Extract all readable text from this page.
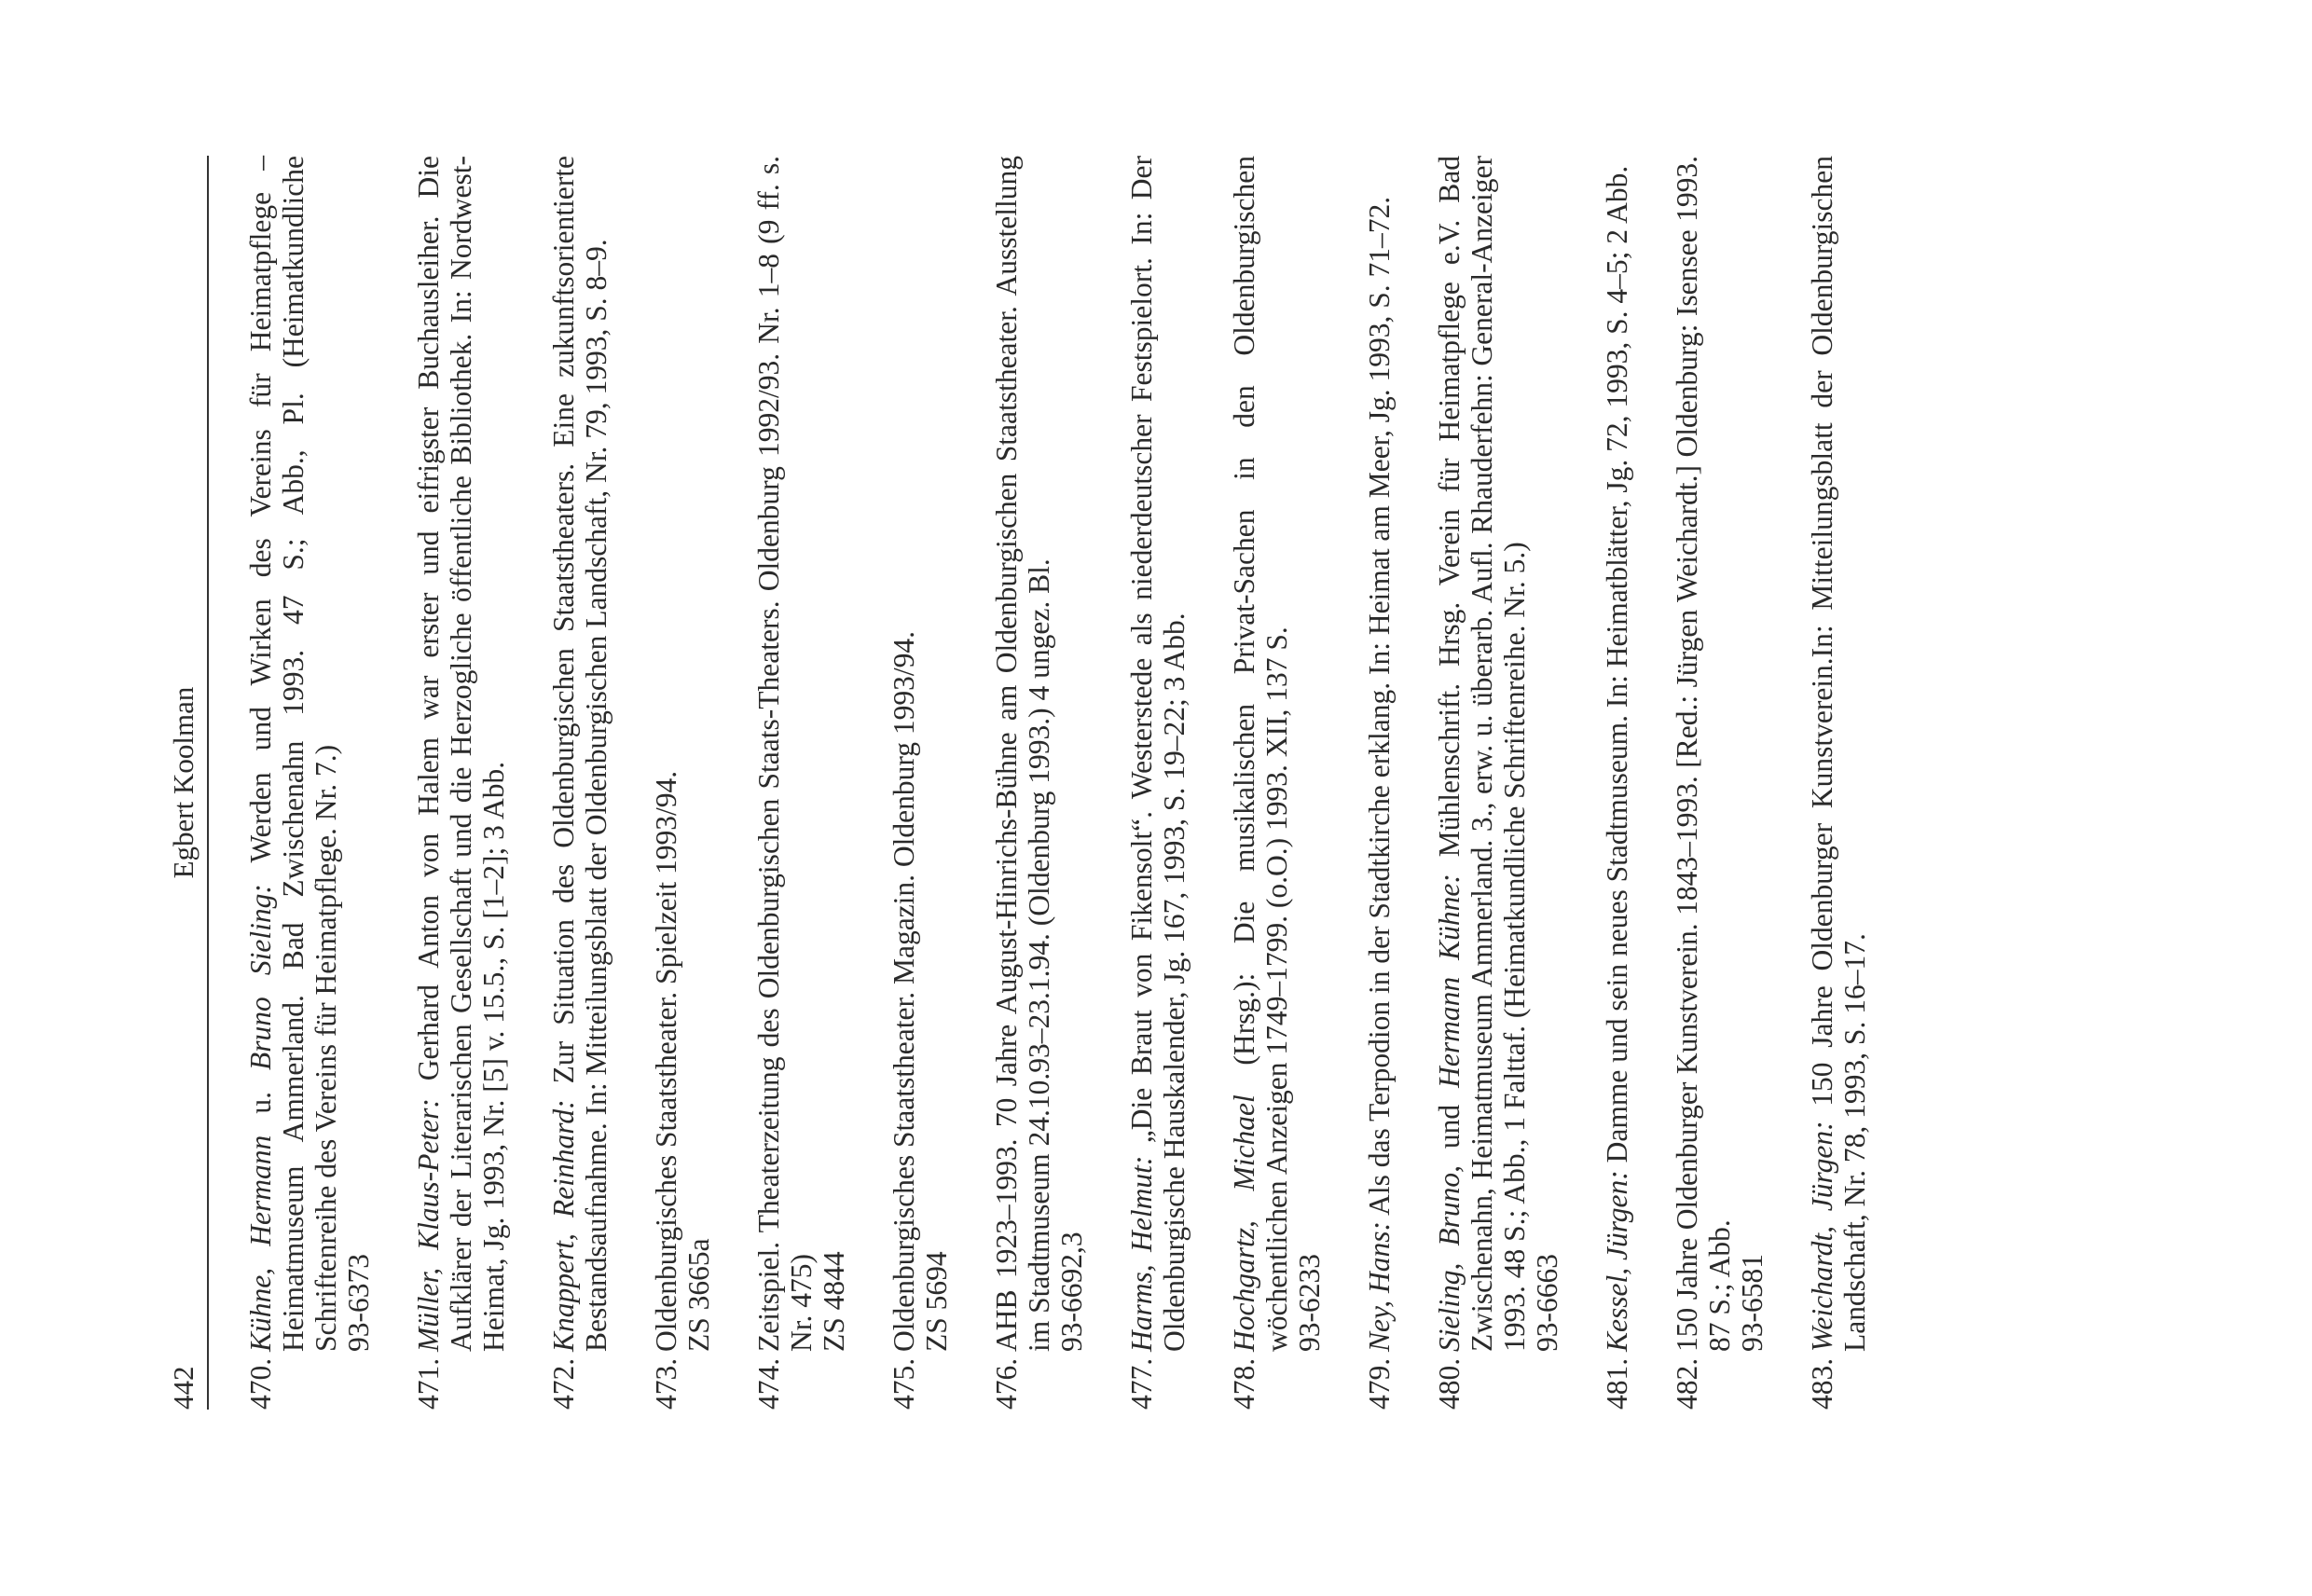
442
Egbert Koolman
470.
Kühne, Hermann u. Bruno Sieling: Werden und Wirken des Vereins für Heimatpflege – Heimatmuseum Ammerland. Bad Zwischenahn 1993. 47 S.; Abb., Pl. (Heimatkundliche Schriftenreihe des Vereins für Heimatpflege. Nr. 7.) 93-6373
471.
Müller, Klaus-Peter: Gerhard Anton von Halem war erster und eifrigster Buchausleiher. Die Aufklärer der Literarischen Gesellschaft und die Herzogliche öffentliche Bibliothek. In: Nordwest-Heimat, Jg. 1993, Nr. [5] v. 15.5., S. [1–2]; 3 Abb.
472.
Knappert, Reinhard: Zur Situation des Oldenburgischen Staatstheaters. Eine zukunftsorientierte Bestandsaufnahme. In: Mitteilungsblatt der Oldenburgischen Landschaft, Nr. 79, 1993, S. 8–9.
473.
Oldenburgisches Staatstheater. Spielzeit 1993/94. ZS 3665a
474.
Zeitspiel. Theaterzeitung des Oldenburgischen Staats-Theaters. Oldenburg 1992/93. Nr. 1–8 (9 ff. s. Nr. 475) ZS 4844
475.
Oldenburgisches Staatstheater. Magazin. Oldenburg 1993/94. ZS 5694
476.
AHB 1923–1993. 70 Jahre August-Hinrichs-Bühne am Oldenburgischen Staatstheater. Ausstellung im Stadtmuseum 24.10.93–23.1.94. (Oldenburg 1993.) 4 ungez. Bl. 93-6692,3
477.
Harms, Helmut: „Die Braut von Fikensolt“. Westerstede als niederdeutscher Festspielort. In: Der Oldenburgische Hauskalender, Jg. 167, 1993, S. 19–22; 3 Abb.
478.
Hochgartz, Michael (Hrsg.): Die musikalischen Privat-Sachen in den Oldenburgischen wöchentlichen Anzeigen 1749–1799. (o.O.) 1993. XII, 137 S. 93-6233
479.
Ney, Hans: Als das Terpodion in der Stadtkirche erklang. In: Heimat am Meer, Jg. 1993, S. 71–72.
480.
Sieling, Bruno, und Hermann Kühne: Mühlenschrift. Hrsg. Verein für Heimatpflege e.V. Bad Zwischenahn, Heimatmuseum Ammerland. 3., erw. u. überarb. Aufl. Rhauderfehn: General-Anzeiger 1993. 48 S.; Abb., 1 Falttaf. (Heimatkundliche Schriftenreihe. Nr. 5.) 93-6663
481.
Kessel, Jürgen: Damme und sein neues Stadtmuseum. In: Heimatblätter, Jg. 72, 1993, S. 4–5; 2 Abb.
482.
150 Jahre Oldenburger Kunstverein. 1843–1993. [Red.: Jürgen Weichardt.] Oldenburg: Isensee 1993. 87 S.; Abb. 93-6581
483.
Weichardt, Jürgen: 150 Jahre Oldenburger Kunstverein.In: Mitteilungsblatt der Oldenburgischen Landschaft, Nr. 78, 1993, S. 16–17.
